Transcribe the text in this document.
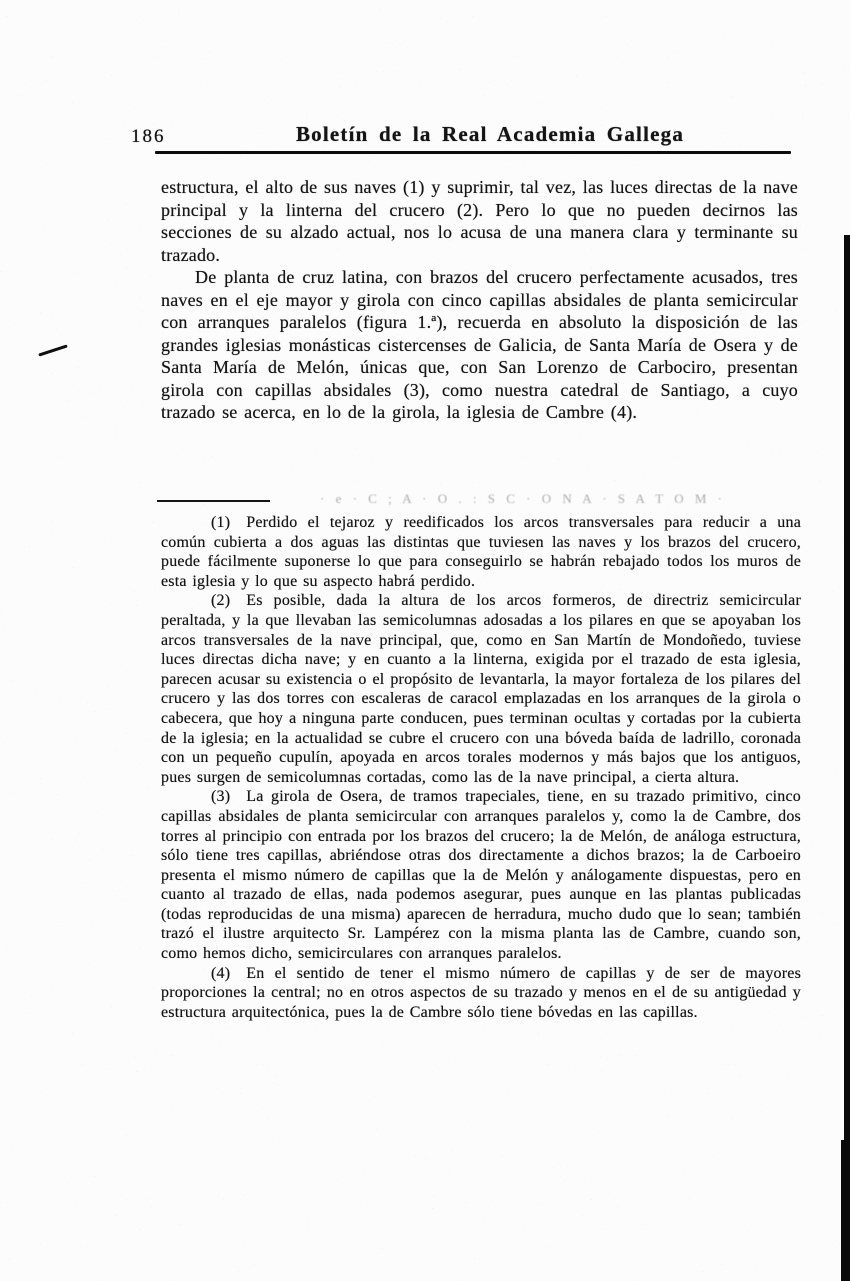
186	Boletín de la Real Academia Gallega

estructura, el alto de sus naves (1) y suprimir, tal vez, las luces directas de la nave principal y la linterna del crucero (2). Pero lo que no pueden decirnos las secciones de su alzado actual, nos lo acusa de una manera clara y terminante su trazado.

De planta de cruz latina, con brazos del crucero perfectamente acusados, tres naves en el eje mayor y girola con cinco capillas absidales de planta semicircular con arranques paralelos (figura 1.ª), recuerda en absoluto la disposición de las grandes iglesias monásticas cistercenses de Galicia, de Santa María de Osera y de Santa María de Melón, únicas que, con San Lorenzo de Carbociro, presentan girola con capillas absidales (3), como nuestra catedral de Santiago, a cuyo trazado se acerca, en lo de la girola, la iglesia de Cambre (4).

· e · C ; A · O . : S C · O N A · S A T O M ·

(1) Perdido el tejaroz y reedificados los arcos transversales para reducir a una común cubierta a dos aguas las distintas que tuviesen las naves y los brazos del crucero, puede fácilmente suponerse lo que para conseguirlo se habrán rebajado todos los muros de esta iglesia y lo que su aspecto habrá perdido.

(2) Es posible, dada la altura de los arcos formeros, de directriz semicircular peraltada, y la que llevaban las semicolumnas adosadas a los pilares en que se apoyaban los arcos transversales de la nave principal, que, como en San Martín de Mondoñedo, tuviese luces directas dicha nave; y en cuanto a la linterna, exigida por el trazado de esta iglesia, parecen acusar su existencia o el propósito de levantarla, la mayor fortaleza de los pilares del crucero y las dos torres con escaleras de caracol emplazadas en los arranques de la girola o cabecera, que hoy a ninguna parte conducen, pues terminan ocultas y cortadas por la cubierta de la iglesia; en la actualidad se cubre el crucero con una bóveda baída de ladrillo, coronada con un pequeño cupulín, apoyada en arcos torales modernos y más bajos que los antiguos, pues surgen de semicolumnas cortadas, como las de la nave principal, a cierta altura.

(3) La girola de Osera, de tramos trapeciales, tiene, en su trazado primitivo, cinco capillas absidales de planta semicircular con arranques paralelos y, como la de Cambre, dos torres al principio con entrada por los brazos del crucero; la de Melón, de análoga estructura, sólo tiene tres capillas, abriéndose otras dos directamente a dichos brazos; la de Carboeiro presenta el mismo número de capillas que la de Melón y análogamente dispuestas, pero en cuanto al trazado de ellas, nada podemos asegurar, pues aunque en las plantas publicadas (todas reproducidas de una misma) aparecen de herradura, mucho dudo que lo sean; también trazó el ilustre arquitecto Sr. Lampérez con la misma planta las de Cambre, cuando son, como hemos dicho, semicirculares con arranques paralelos.

(4) En el sentido de tener el mismo número de capillas y de ser de mayores proporciones la central; no en otros aspectos de su trazado y menos en el de su antigüedad y estructura arquitectónica, pues la de Cambre sólo tiene bóvedas en las capillas.
